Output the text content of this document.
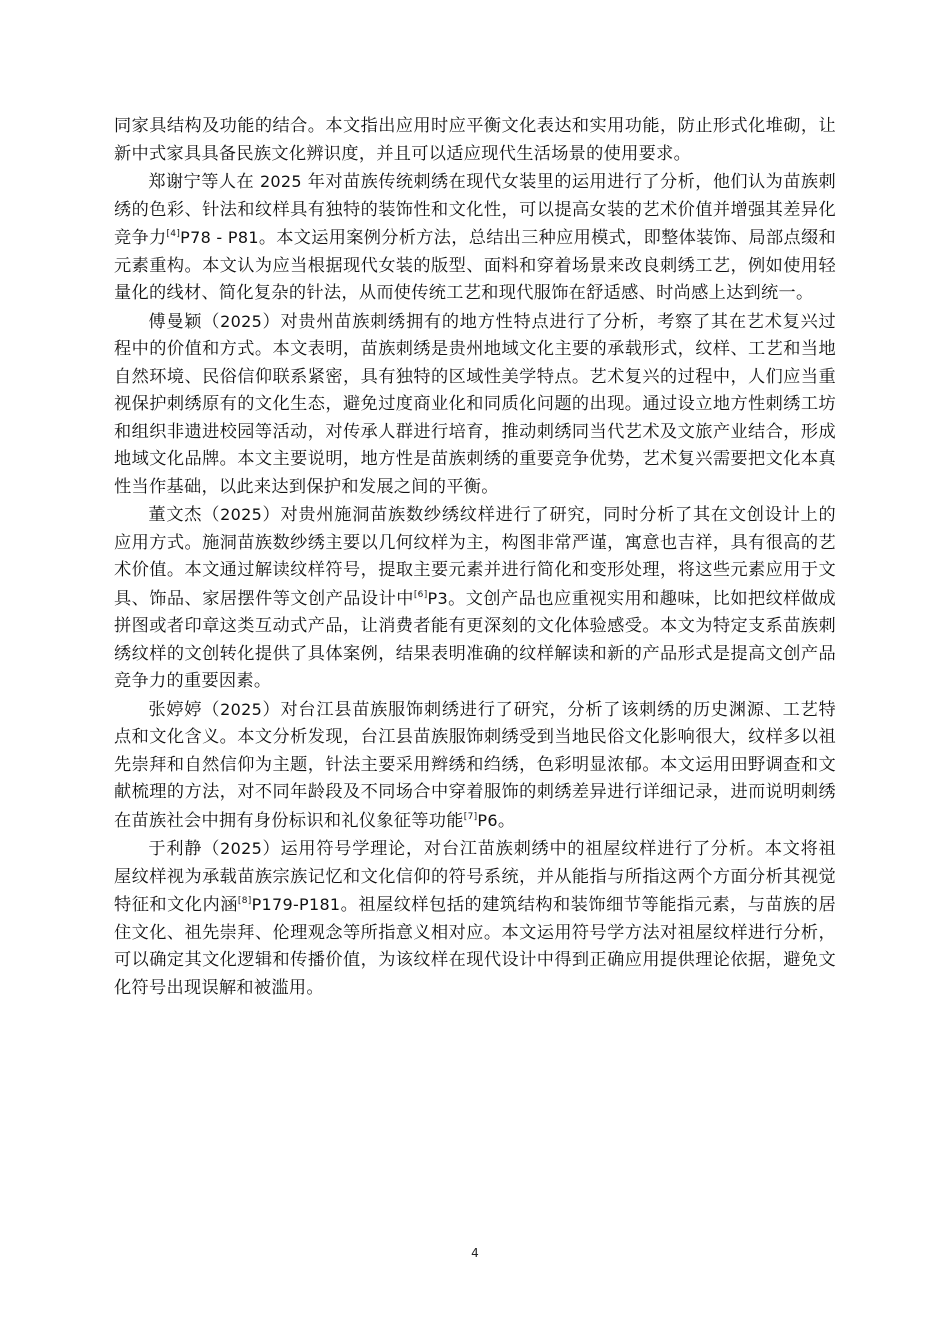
同家具结构及功能的结合。本文指出应用时应平衡文化表达和实用功能，防止形式化堆砌，让新中式家具具备民族文化辨识度，并且可以适应现代生活场景的使用要求。

郑谢宁等人在 2025 年对苗族传统刺绣在现代女装里的运用进行了分析，他们认为苗族刺绣的色彩、针法和纹样具有独特的装饰性和文化性，可以提高女装的艺术价值并增强其差异化竞争力[4]P78 - P81。本文运用案例分析方法，总结出三种应用模式，即整体装饰、局部点缀和元素重构。本文认为应当根据现代女装的版型、面料和穿着场景来改良刺绣工艺，例如使用轻量化的线材、简化复杂的针法，从而使传统工艺和现代服饰在舒适感、时尚感上达到统一。

傅曼颖（2025）对贵州苗族刺绣拥有的地方性特点进行了分析，考察了其在艺术复兴过程中的价值和方式。本文表明，苗族刺绣是贵州地域文化主要的承载形式，纹样、工艺和当地自然环境、民俗信仰联系紧密，具有独特的区域性美学特点。艺术复兴的过程中，人们应当重视保护刺绣原有的文化生态，避免过度商业化和同质化问题的出现。通过设立地方性刺绣工坊和组织非遗进校园等活动，对传承人群进行培育，推动刺绣同当代艺术及文旅产业结合，形成地域文化品牌。本文主要说明，地方性是苗族刺绣的重要竞争优势，艺术复兴需要把文化本真性当作基础，以此来达到保护和发展之间的平衡。

董文杰（2025）对贵州施洞苗族数纱绣纹样进行了研究，同时分析了其在文创设计上的应用方式。施洞苗族数纱绣主要以几何纹样为主，构图非常严谨，寓意也吉祥，具有很高的艺术价值。本文通过解读纹样符号，提取主要元素并进行简化和变形处理，将这些元素应用于文具、饰品、家居摆件等文创产品设计中[6]P3。文创产品也应重视实用和趣味，比如把纹样做成拼图或者印章这类互动式产品，让消费者能有更深刻的文化体验感受。本文为特定支系苗族刺绣纹样的文创转化提供了具体案例，结果表明准确的纹样解读和新的产品形式是提高文创产品竞争力的重要因素。

张婷婷（2025）对台江县苗族服饰刺绣进行了研究，分析了该刺绣的历史渊源、工艺特点和文化含义。本文分析发现，台江县苗族服饰刺绣受到当地民俗文化影响很大，纹样多以祖先崇拜和自然信仰为主题，针法主要采用辫绣和绉绣，色彩明显浓郁。本文运用田野调查和文献梳理的方法，对不同年龄段及不同场合中穿着服饰的刺绣差异进行详细记录，进而说明刺绣在苗族社会中拥有身份标识和礼仪象征等功能[7]P6。

于利静（2025）运用符号学理论，对台江苗族刺绣中的祖屋纹样进行了分析。本文将祖屋纹样视为承载苗族宗族记忆和文化信仰的符号系统，并从能指与所指这两个方面分析其视觉特征和文化内涵[8]P179-P181。祖屋纹样包括的建筑结构和装饰细节等能指元素，与苗族的居住文化、祖先崇拜、伦理观念等所指意义相对应。本文运用符号学方法对祖屋纹样进行分析，可以确定其文化逻辑和传播价值，为该纹样在现代设计中得到正确应用提供理论依据，避免文化符号出现误解和被滥用。

4
